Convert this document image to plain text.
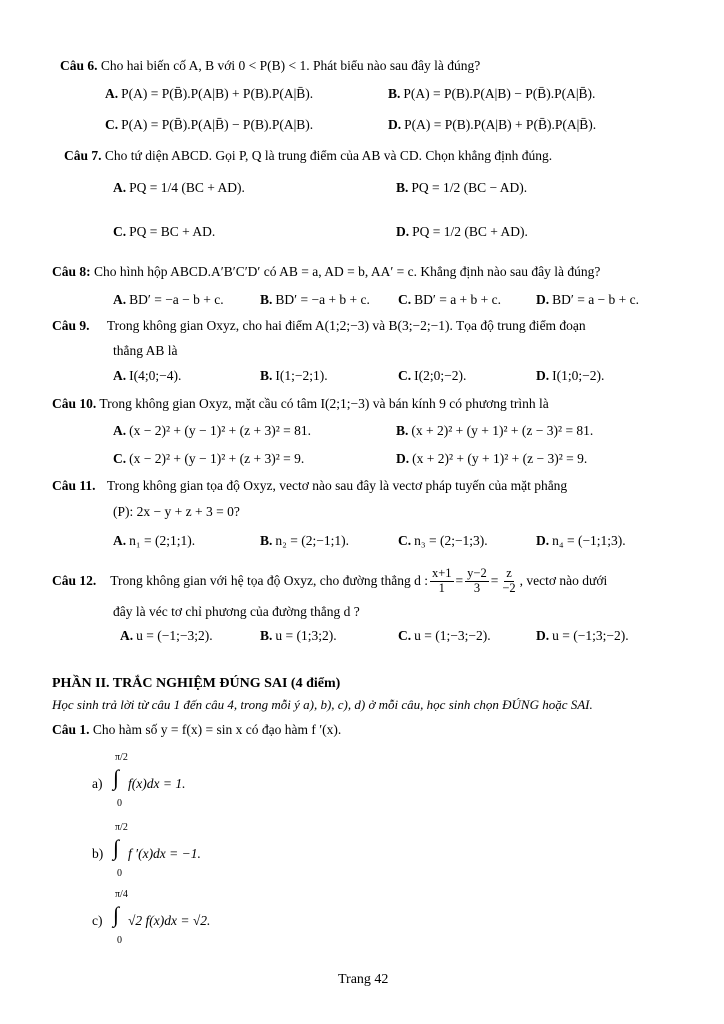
Câu 6. Cho hai biến cố A, B với 0 < P(B) < 1. Phát biểu nào sau đây là đúng?
A. P(A) = P(B̄).P(A|B) + P(B).P(A|B̄).	B. P(A) = P(B).P(A|B) − P(B̄).P(A|B̄).
C. P(A) = P(B̄).P(A|B̄) − P(B).P(A|B).	D. P(A) = P(B).P(A|B) + P(B̄).P(A|B̄).
Câu 7. Cho tứ diện ABCD. Gọi P, Q là trung điểm của AB và CD. Chọn khẳng định đúng.
A. PQ = 1/4 (BC + AD).	B. PQ = 1/2 (BC − AD).
C. PQ = BC + AD.	D. PQ = 1/2 (BC + AD).
Câu 8: Cho hình hộp ABCD.A′B′C′D′ có AB = a, AD = b, AA′ = c. Khẳng định nào sau đây là đúng?
A. BD′ = −a − b + c.	B. BD′ = −a + b + c. C. BD′ = a + b + c.	D. BD′ = a − b + c.
Câu 9. Trong không gian Oxyz, cho hai điểm A(1;2;−3) và B(3;−2;−1). Tọa độ trung điểm đoạn
thẳng AB là
A. I(4;0;−4).	B. I(1;−2;1).	C. I(2;0;−2).	D. I(1;0;−2).
Câu 10. Trong không gian Oxyz, mặt cầu có tâm I(2;1;−3) và bán kính 9 có phương trình là
A. (x − 2)² + (y − 1)² + (z + 3)² = 81.	B. (x + 2)² + (y + 1)² + (z − 3)² = 81.
C. (x − 2)² + (y − 1)² + (z + 3)² = 9.	D. (x + 2)² + (y + 1)² + (z − 3)² = 9.
Câu 11. Trong không gian tọa độ Oxyz, vectơ nào sau đây là vectơ pháp tuyến của mặt phẳng
(P): 2x − y + z + 3 = 0?
A. n₁ = (2;1;1).	B. n₂ = (2;−1;1).	C. n₃ = (2;−1;3).	D. n₄ = (−1;1;3).
Câu 12. Trong không gian với hệ tọa độ Oxyz, cho đường thẳng d : $\frac{x+1}{1} = \frac{y-2}{3} = \frac{z}{-2}$ , vectơ nào dưới
đây là véc tơ chỉ phương của đường thẳng d ?
A. u = (−1;−3;2).	B. u = (1;3;2).	C. u = (1;−3;−2).	D. u = (−1;3;−2).
PHẦN II. TRẮC NGHIỆM ĐÚNG SAI (4 điểm)
Học sinh trả lời từ câu 1 đến câu 4, trong mỗi ý a), b), c), d) ở mỗi câu, học sinh chọn ĐÚNG hoặc SAI.
Câu 1. Cho hàm số y = f(x) = sin x có đạo hàm f ′(x).
a)
π/2
∫
0
f(x)dx = 1.
b)
π/2
∫
0
f ′(x)dx = −1.
c)
π/4
∫
0
√2 f(x)dx = √2.
Trang 42
